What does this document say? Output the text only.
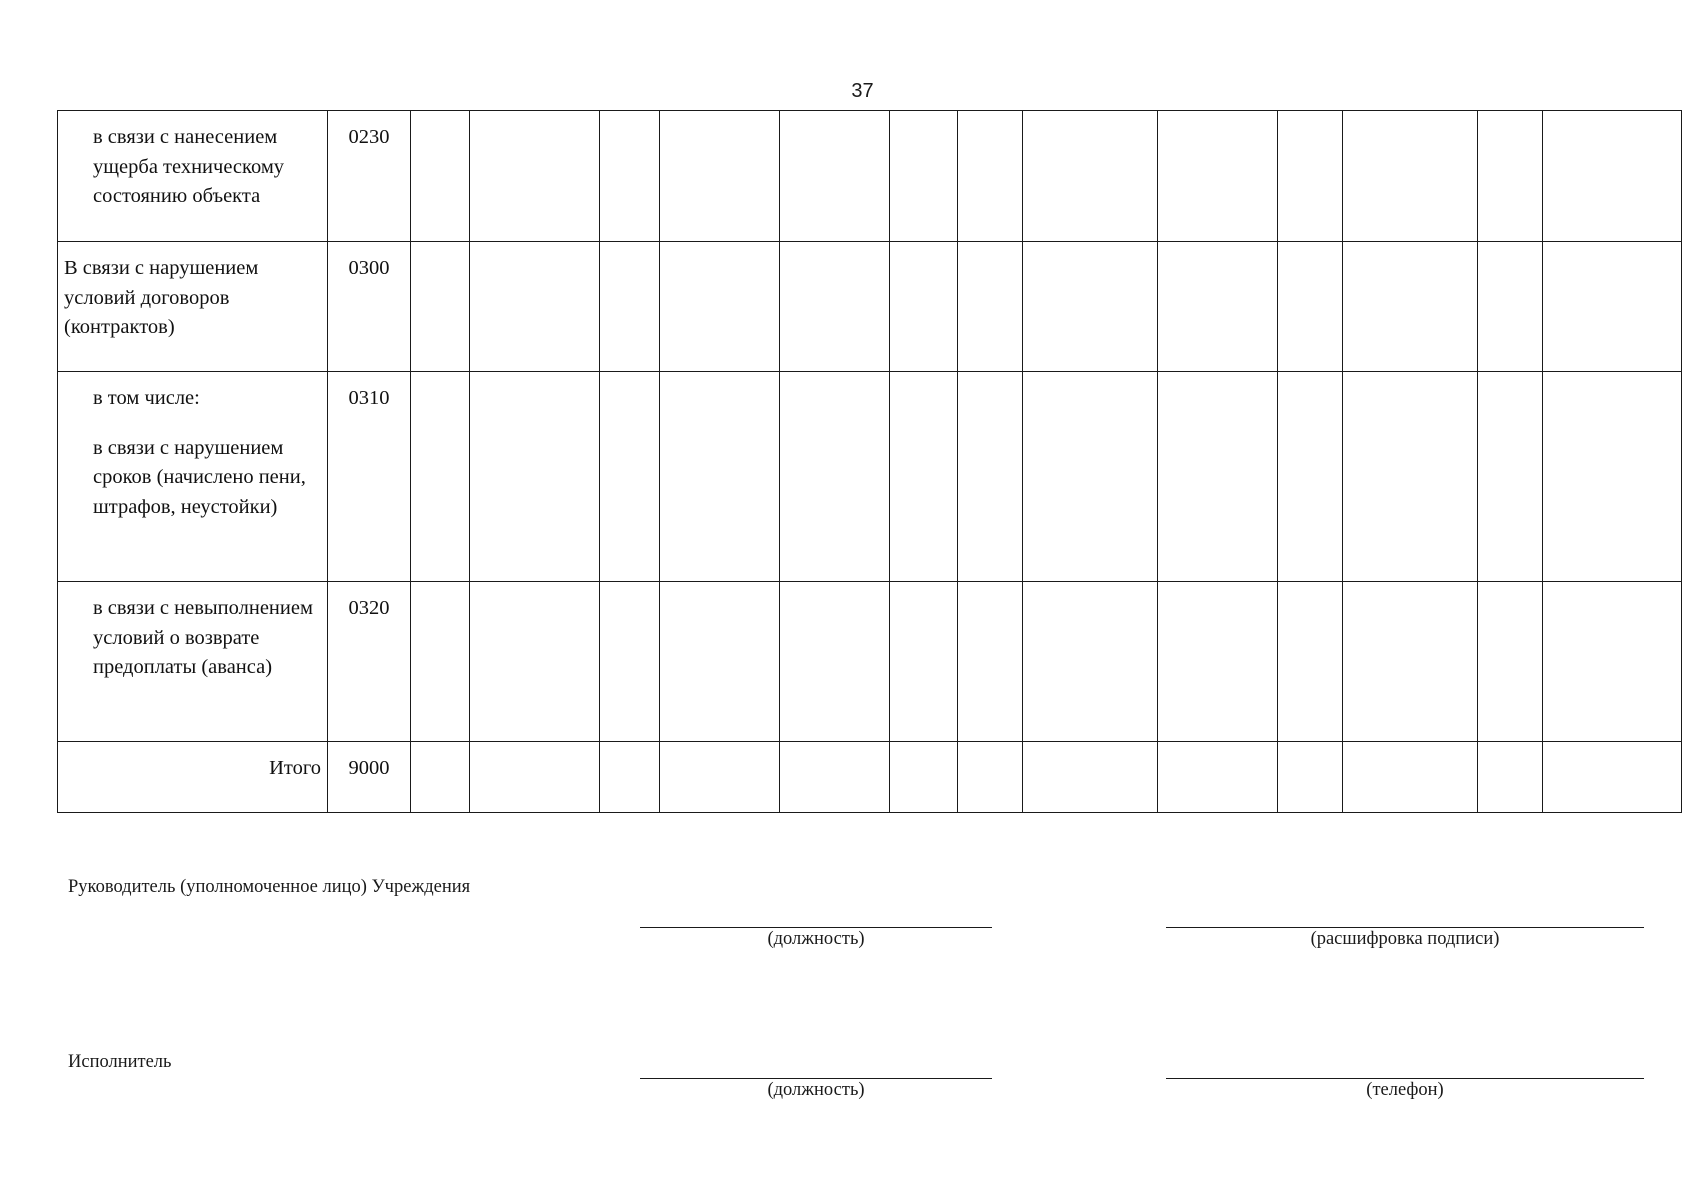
37
в связи с нанесением ущерба техническому состоянию объекта	0230													
В связи с нарушением условий договоров (контрактов)	0300													

в том числе:
в связи с нарушением сроков (начислено пени, штрафов, неустойки)	0310													
в связи с невыполнением условий о возврате предоплаты (аванса)	0320													
Итого	9000													
Руководитель (уполномоченное лицо) Учреждения
(должность)	(расшифровка подписи)
Исполнитель
(должность)	(телефон)
